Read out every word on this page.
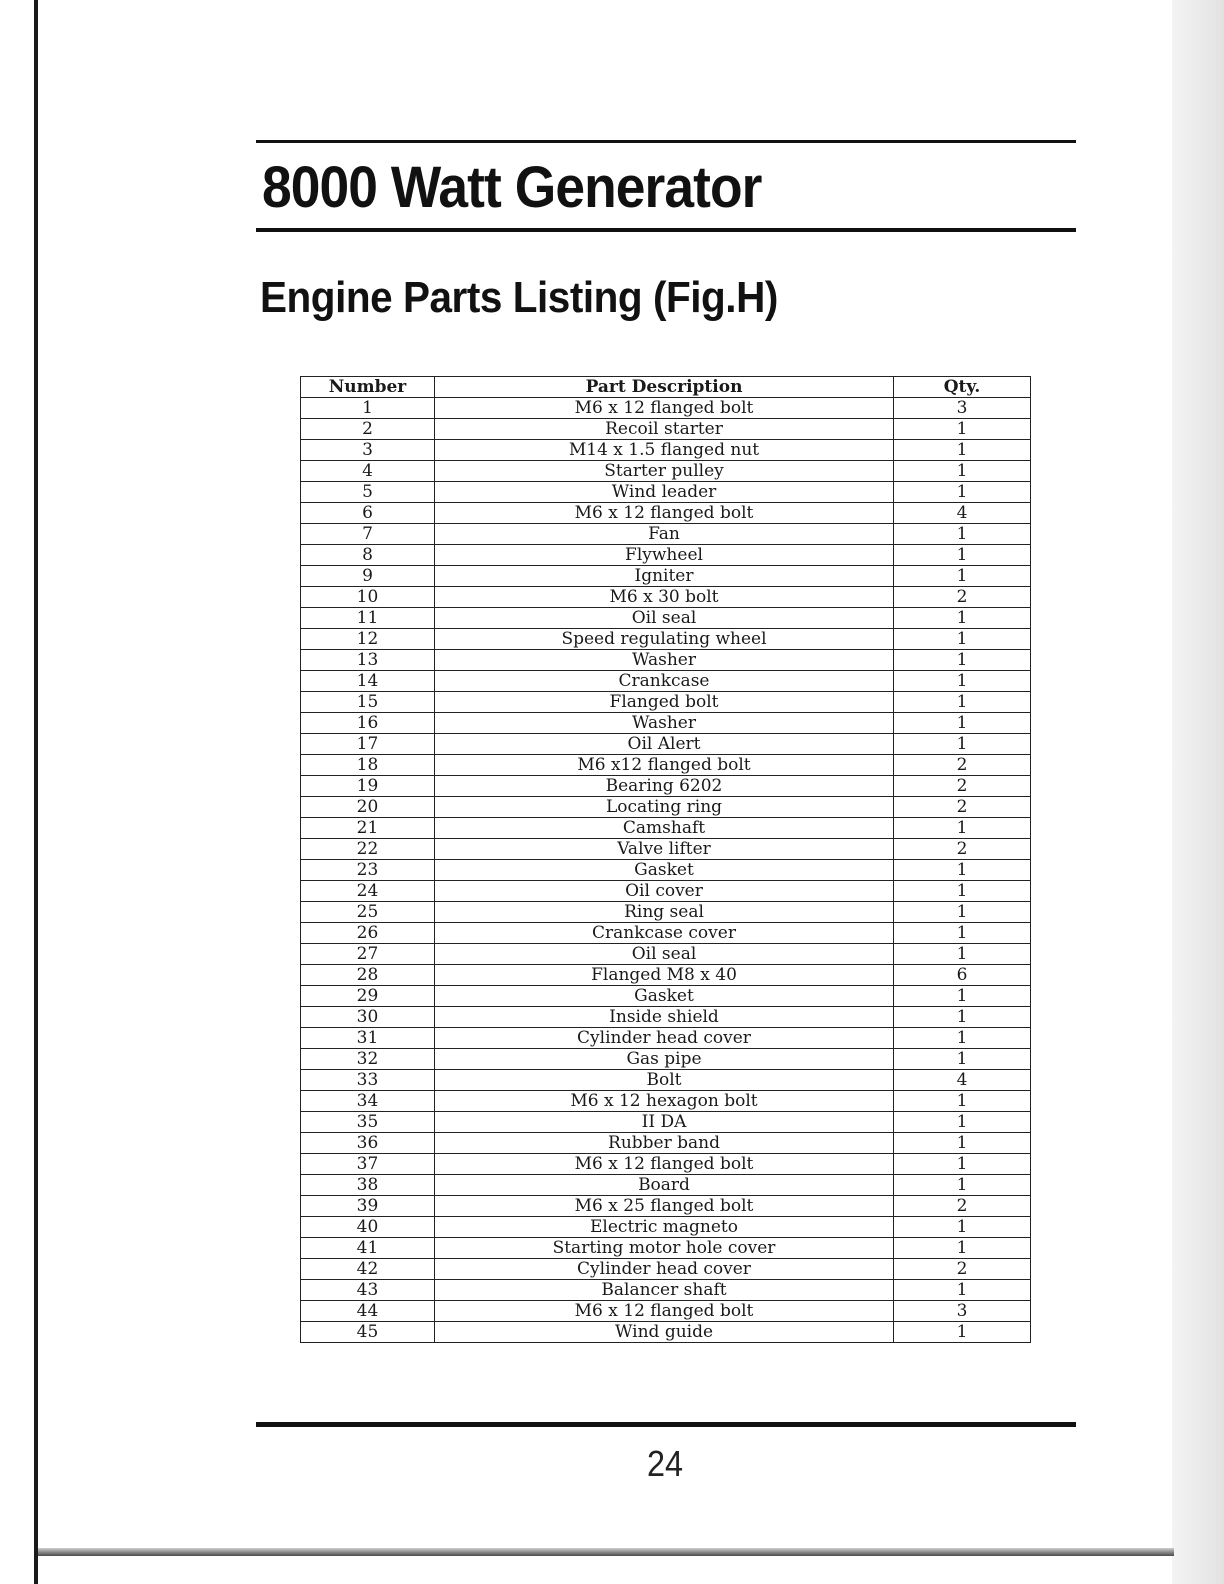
8000 Watt Generator
Engine Parts Listing (Fig.H)
Number	Part Description	Qty.
1	M6 x 12 flanged bolt	3
2	Recoil starter	1
3	M14 x 1.5 flanged nut	1
4	Starter pulley	1
5	Wind leader	1
6	M6 x 12 flanged bolt	4
7	Fan	1
8	Flywheel	1
9	Igniter	1
10	M6 x 30 bolt	2
11	Oil seal	1
12	Speed regulating wheel	1
13	Washer	1
14	Crankcase	1
15	Flanged bolt	1
16	Washer	1
17	Oil Alert	1
18	M6 x12 flanged bolt	2
19	Bearing 6202	2
20	Locating ring	2
21	Camshaft	1
22	Valve lifter	2
23	Gasket	1
24	Oil cover	1
25	Ring seal	1
26	Crankcase cover	1
27	Oil seal	1
28	Flanged M8 x 40	6
29	Gasket	1
30	Inside shield	1
31	Cylinder head cover	1
32	Gas pipe	1
33	Bolt	4
34	M6 x 12 hexagon bolt	1
35	II DA	1
36	Rubber band	1
37	M6 x 12 flanged bolt	1
38	Board	1
39	M6 x 25 flanged bolt	2
40	Electric magneto	1
41	Starting motor hole cover	1
42	Cylinder head cover	2
43	Balancer shaft	1
44	M6 x 12 flanged bolt	3
45	Wind guide	1
24
